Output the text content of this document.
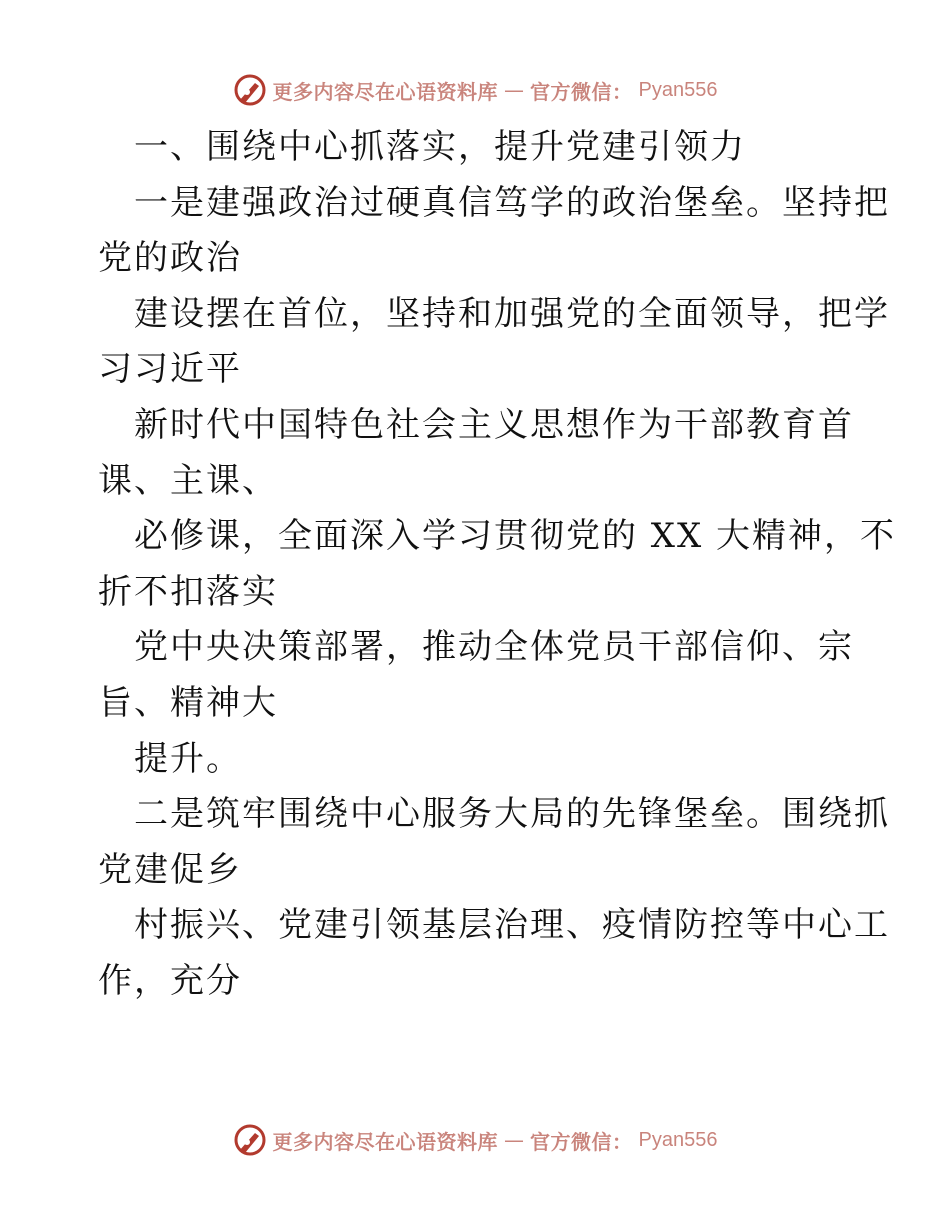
更多内容尽在心语资料库 — 官方微信： Pyan556
一、围绕中心抓落实，提升党建引领力
一是建强政治过硬真信笃学的政治堡垒。坚持把
党的政治
建设摆在首位，坚持和加强党的全面领导，把学
习习近平
新时代中国特色社会主义思想作为干部教育首
课、主课、
必修课，全面深入学习贯彻党的 XX 大精神，不
折不扣落实
党中央决策部署，推动全体党员干部信仰、宗
旨、精神大
提升。
二是筑牢围绕中心服务大局的先锋堡垒。围绕抓
党建促乡
村振兴、党建引领基层治理、疫情防控等中心工
作，充分
更多内容尽在心语资料库 — 官方微信： Pyan556
